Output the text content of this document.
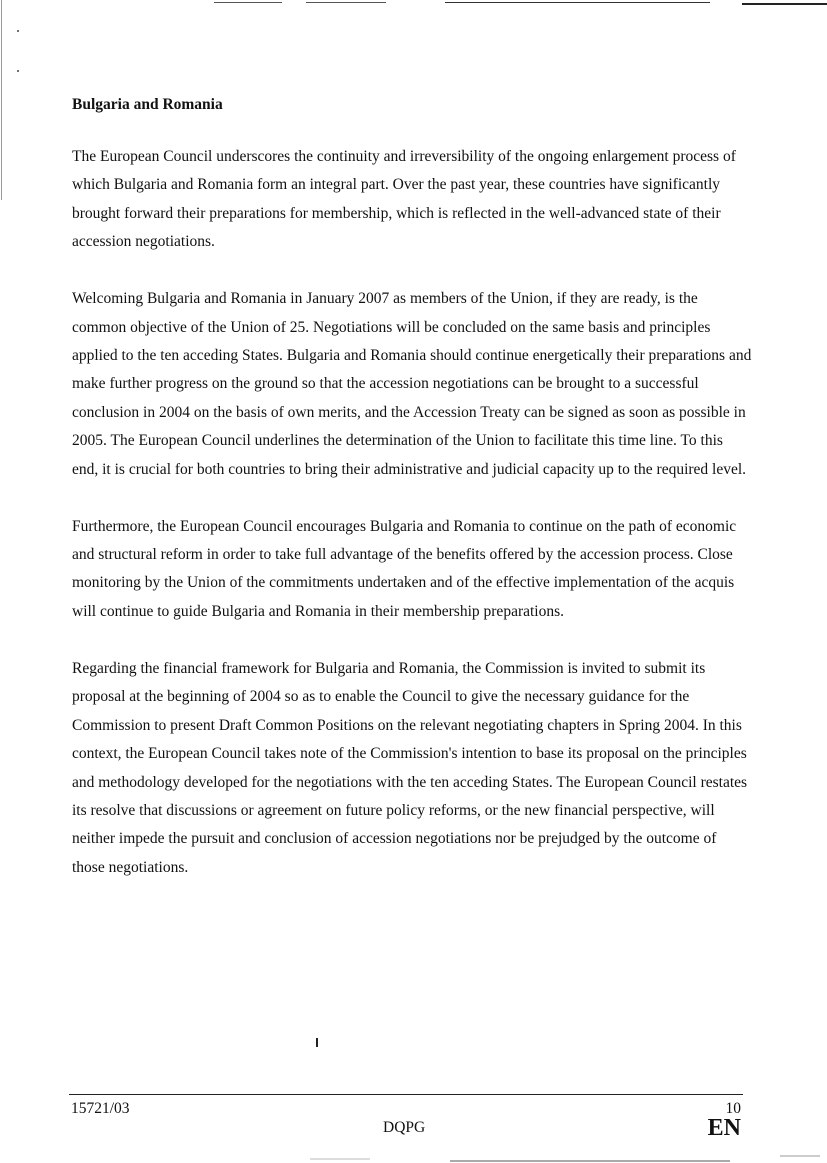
Bulgaria and Romania

The European Council underscores the continuity and irreversibility of the ongoing enlargement process of which Bulgaria and Romania form an integral part. Over the past year, these countries have significantly brought forward their preparations for membership, which is reflected in the well-advanced state of their accession negotiations.

Welcoming Bulgaria and Romania in January 2007 as members of the Union, if they are ready, is the common objective of the Union of 25. Negotiations will be concluded on the same basis and principles applied to the ten acceding States. Bulgaria and Romania should continue energetically their preparations and make further progress on the ground so that the accession negotiations can be brought to a successful conclusion in 2004 on the basis of own merits, and the Accession Treaty can be signed as soon as possible in 2005. The European Council underlines the determination of the Union to facilitate this time line. To this end, it is crucial for both countries to bring their administrative and judicial capacity up to the required level.

Furthermore, the European Council encourages Bulgaria and Romania to continue on the path of economic and structural reform in order to take full advantage of the benefits offered by the accession process. Close monitoring by the Union of the commitments undertaken and of the effective implementation of the acquis will continue to guide Bulgaria and Romania in their membership preparations.

Regarding the financial framework for Bulgaria and Romania, the Commission is invited to submit its proposal at the beginning of 2004 so as to enable the Council to give the necessary guidance for the Commission to present Draft Common Positions on the relevant negotiating chapters in Spring 2004. In this context, the European Council takes note of the Commission's intention to base its proposal on the principles and methodology developed for the negotiations with the ten acceding States. The European Council restates its resolve that discussions or agreement on future policy reforms, or the new financial perspective, will neither impede the pursuit and conclusion of accession negotiations nor be prejudged by the outcome of those negotiations.

15721/03
DQPG
10
EN
